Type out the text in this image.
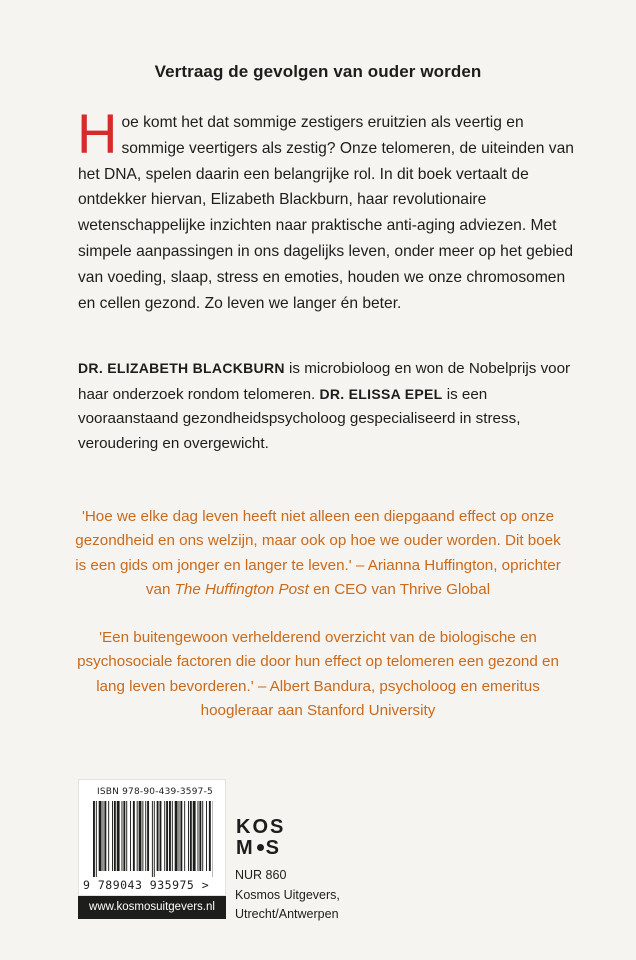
Vertraag de gevolgen van ouder worden
Hoe komt het dat sommige zestigers eruitzien als veertig en sommige veertigers als zestig? Onze telomeren, de uiteinden van het DNA, spelen daarin een belangrijke rol. In dit boek vertaalt de ontdekker hiervan, Elizabeth Blackburn, haar revolutionaire wetenschappelijke inzichten naar praktische anti-aging adviezen. Met simpele aanpassingen in ons dagelijks leven, onder meer op het gebied van voeding, slaap, stress en emoties, houden we onze chromosomen en cellen gezond. Zo leven we langer én beter.
DR. ELIZABETH BLACKBURN is microbioloog en won de Nobelprijs voor haar onderzoek rondom telomeren. DR. ELISSA EPEL is een vooraanstaand gezondheidspsycholoog gespecialiseerd in stress, veroudering en overgewicht.
'Hoe we elke dag leven heeft niet alleen een diepgaand effect op onze gezondheid en ons welzijn, maar ook op hoe we ouder worden. Dit boek is een gids om jonger en langer te leven.' – Arianna Huffington, oprichter van The Huffington Post en CEO van Thrive Global
'Een buitengewoon verhelderend overzicht van de biologische en psychosociale factoren die door hun effect op telomeren een gezond en lang leven bevorderen.' – Albert Bandura, psycholoog en emeritus hoogleraar aan Stanford University
ISBN 978-90-439-3597-5
9 789043 935975 >
www.kosmosuitgevers.nl
KOS
M S
NUR 860
Kosmos Uitgevers,
Utrecht/Antwerpen
